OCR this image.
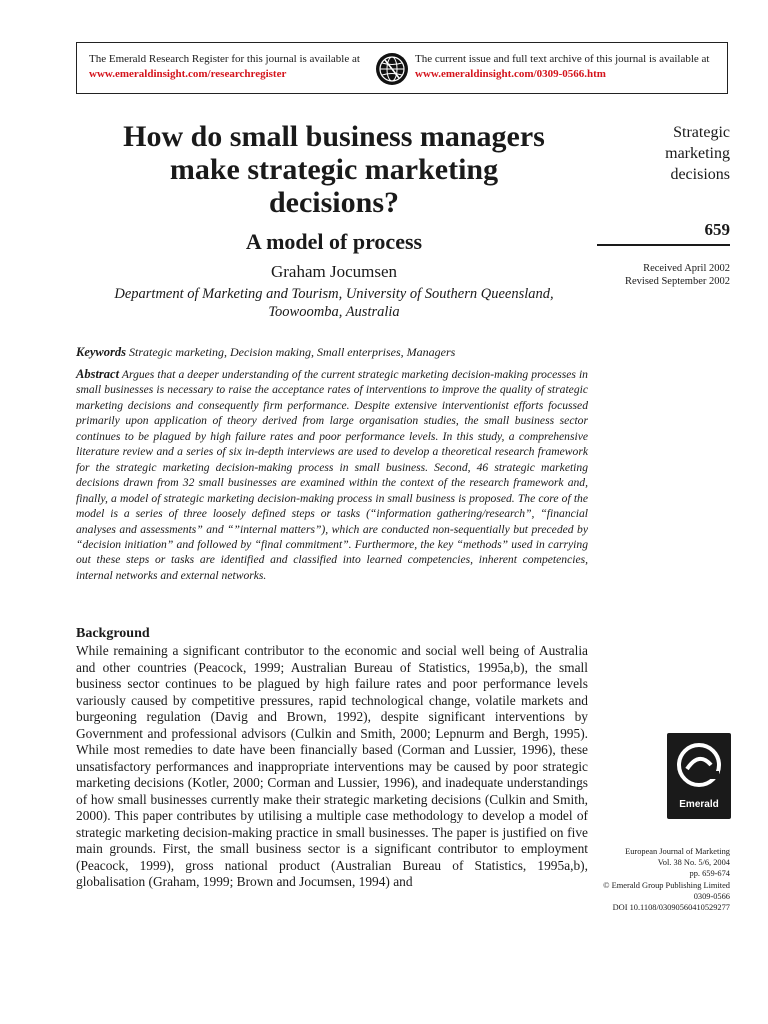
The Emerald Research Register for this journal is available at
www.emeraldinsight.com/researchregister
The current issue and full text archive of this journal is available at
www.emeraldinsight.com/0309-0566.htm
How do small business managers
make strategic marketing
decisions?
A model of process
Graham Jocumsen
Department of Marketing and Tourism, University of Southern Queensland,
Toowoomba, Australia
Strategic
marketing
decisions
659
Received April 2002
Revised September 2002
Keywords Strategic marketing, Decision making, Small enterprises, Managers
Abstract Argues that a deeper understanding of the current strategic marketing decision-making processes in small businesses is necessary to raise the acceptance rates of interventions to improve the quality of strategic marketing decisions and consequently firm performance. Despite extensive interventionist efforts focussed primarily upon application of theory derived from large organisation studies, the small business sector continues to be plagued by high failure rates and poor performance levels. In this study, a comprehensive literature review and a series of six in-depth interviews are used to develop a theoretical research framework for the strategic marketing decision-making process in small business. Second, 46 strategic marketing decisions drawn from 32 small businesses are examined within the context of the research framework and, finally, a model of strategic marketing decision-making process in small business is proposed. The core of the model is a series of three loosely defined steps or tasks (“information gathering/research”, “financial analyses and assessments” and “”internal matters”), which are conducted non-sequentially but preceded by “decision initiation” and followed by “final commitment”. Furthermore, the key “methods” used in carrying out these steps or tasks are identified and classified into learned competencies, inherent competencies, internal networks and external networks.
Background
While remaining a significant contributor to the economic and social well being of Australia and other countries (Peacock, 1999; Australian Bureau of Statistics, 1995a,b), the small business sector continues to be plagued by high failure rates and poor performance levels variously caused by competitive pressures, rapid technological change, volatile markets and burgeoning regulation (Davig and Brown, 1992), despite significant interventions by Government and professional advisors (Culkin and Smith, 2000; Lepnurm and Bergh, 1995). While most remedies to date have been financially based (Corman and Lussier, 1996), these unsatisfactory performances and inappropriate interventions may be caused by poor strategic marketing decisions (Kotler, 2000; Corman and Lussier, 1996), and inadequate understandings of how small businesses currently make their strategic marketing decisions (Culkin and Smith, 2000). This paper contributes by utilising a multiple case methodology to develop a model of strategic marketing decision-making practice in small businesses. The paper is justified on five main grounds. First, the small business sector is a significant contributor to employment (Peacock, 1999), gross national product (Australian Bureau of Statistics, 1995a,b), globalisation (Graham, 1999; Brown and Jocumsen, 1994) and
Emerald
European Journal of Marketing
Vol. 38 No. 5/6, 2004
pp. 659-674
© Emerald Group Publishing Limited
0309-0566
DOI 10.1108/03090560410529277
